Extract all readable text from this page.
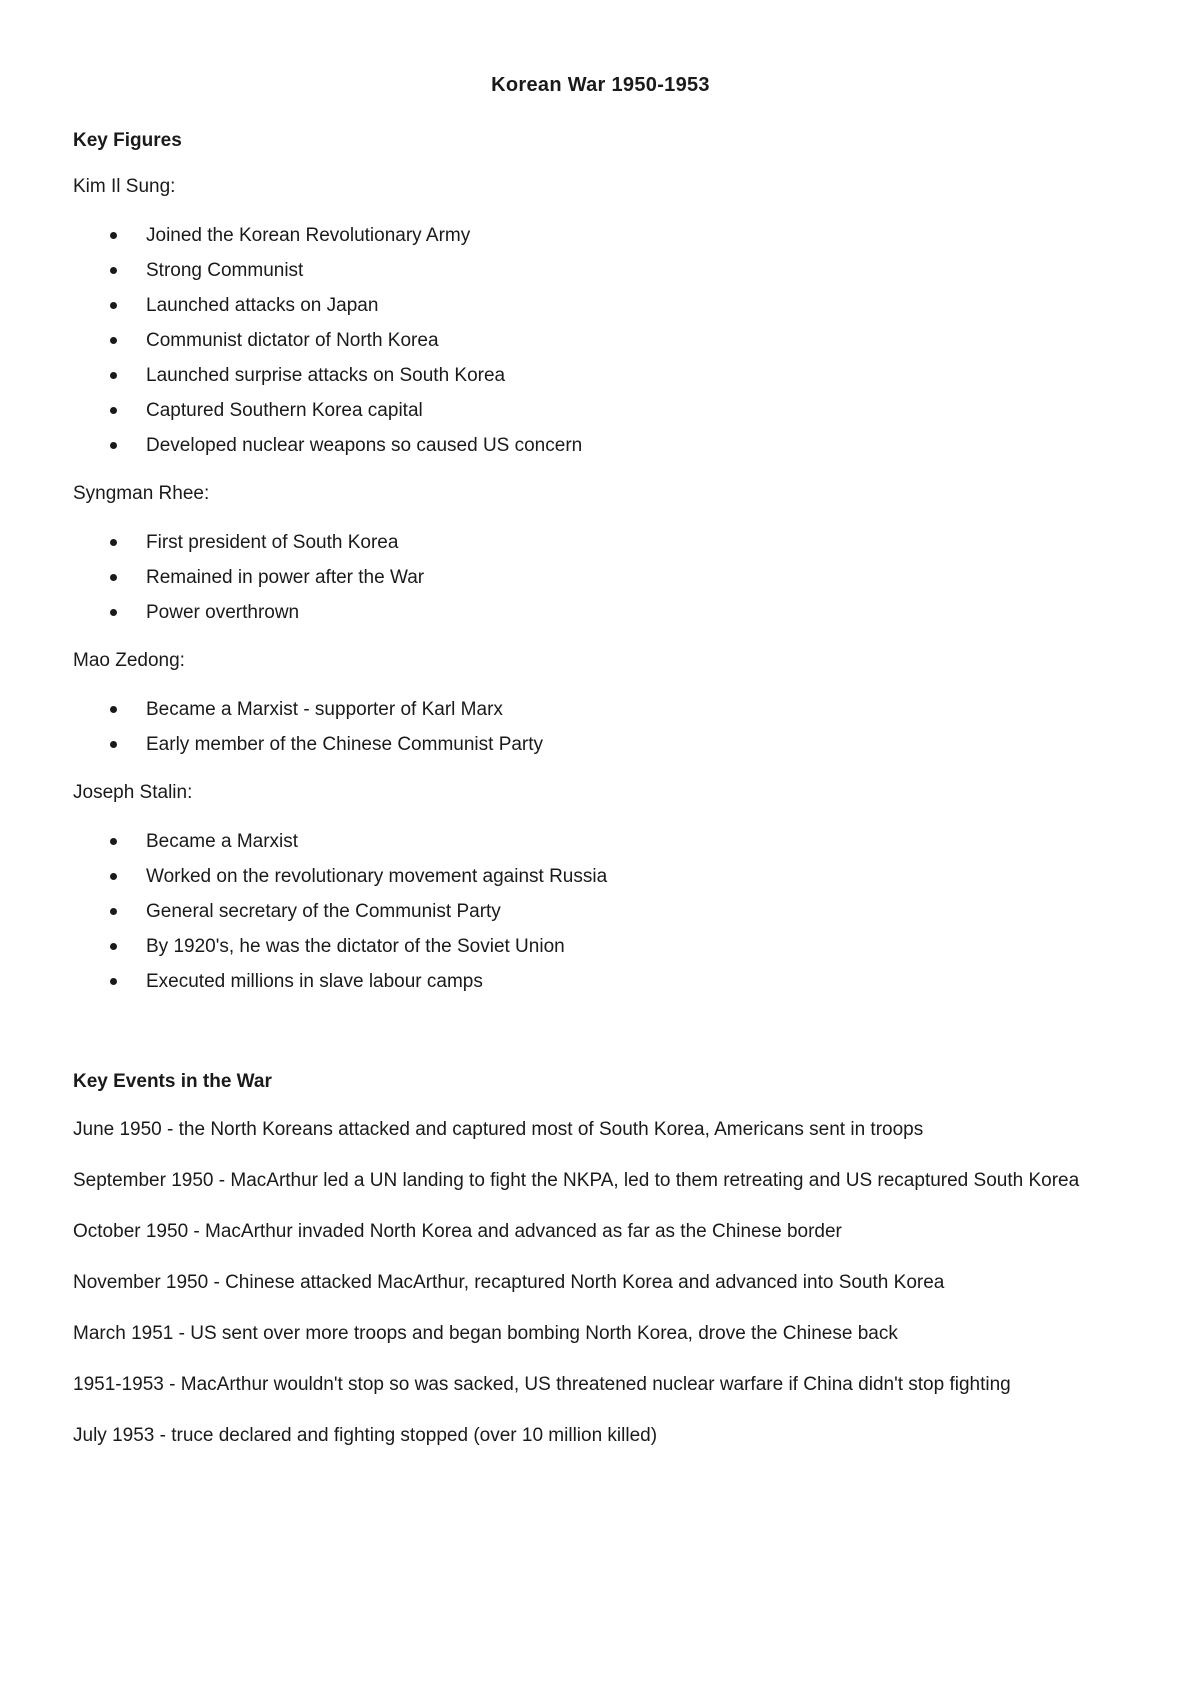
Korean War 1950-1953
Key Figures
Kim Il Sung:
Joined the Korean Revolutionary Army
Strong Communist
Launched attacks on Japan
Communist dictator of North Korea
Launched surprise attacks on South Korea
Captured Southern Korea capital
Developed nuclear weapons so caused US concern
Syngman Rhee:
First president of South Korea
Remained in power after the War
Power overthrown
Mao Zedong:
Became a Marxist - supporter of Karl Marx
Early member of the Chinese Communist Party
Joseph Stalin:
Became a Marxist
Worked on the revolutionary movement against Russia
General secretary of the Communist Party
By 1920's, he was the dictator of the Soviet Union
Executed millions in slave labour camps
Key Events in the War
June 1950 - the North Koreans attacked and captured most of South Korea, Americans sent in troops
September 1950 - MacArthur led a UN landing to fight the NKPA, led to them retreating and US recaptured South Korea
October 1950 - MacArthur invaded North Korea and advanced as far as the Chinese border
November 1950 - Chinese attacked MacArthur, recaptured North Korea and advanced into South Korea
March 1951 - US sent over more troops and began bombing North Korea, drove the Chinese back
1951-1953 - MacArthur wouldn't stop so was sacked, US threatened nuclear warfare if China didn't stop fighting
July 1953 - truce declared and fighting stopped (over 10 million killed)
